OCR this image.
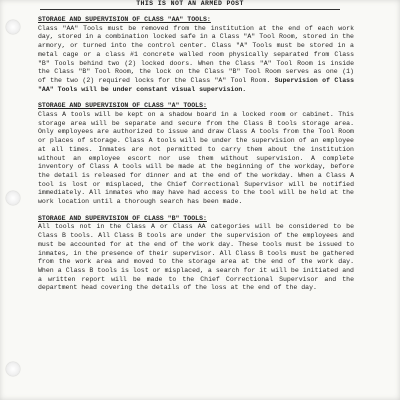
THIS IS NOT AN ARMED POST
STORAGE AND SUPERVISION OF CLASS "AA" TOOLS:
Class "AA" Tools must be removed from the institution at the end of each work day, stored in a combination locked safe in a Class "A" Tool Room, stored in the armory, or turned into the control center. Class "A" Tools must be stored in a metal cage or a class #1 concrete walled room physically separated from Class "B" Tools behind two (2) locked doors. When the Class "A" Tool Room is inside the Class "B" Tool Room, the lock on the Class "B" Tool Room serves as one (1) of the two (2) required locks for the Class "A" Tool Room. Supervision of Class "AA" Tools will be under constant visual supervision.
STORAGE AND SUPERVISION OF CLASS "A" TOOLS:
Class A tools will be kept on a shadow board in a locked room or cabinet. This storage area will be separate and secure from the Class B tools storage area. Only employees are authorized to issue and draw Class A tools from the Tool Room or places of storage. Class A tools will be under the supervision of an employee at all times. Inmates are not permitted to carry them about the institution without an employee escort nor use them without supervision. A complete inventory of Class A tools will be made at the beginning of the workday, before the detail is released for dinner and at the end of the workday. When a Class A tool is lost or misplaced, the Chief Correctional Supervisor will be notified immediately. All inmates who may have had access to the tool will be held at the work location until a thorough search has been made.
STORAGE AND SUPERVISION OF CLASS "B" TOOLS:
All tools not in the Class A or Class AA categories will be considered to be Class B tools. All Class B tools are under the supervision of the employees and must be accounted for at the end of the work day. These tools must be issued to inmates, in the presence of their supervisor. All Class B tools must be gathered from the work area and moved to the storage area at the end of the work day. When a Class B tools is lost or misplaced, a search for it will be initiated and a written report will be made to the Chief Correctional Supervisor and the department head covering the details of the loss at the end of the day.
